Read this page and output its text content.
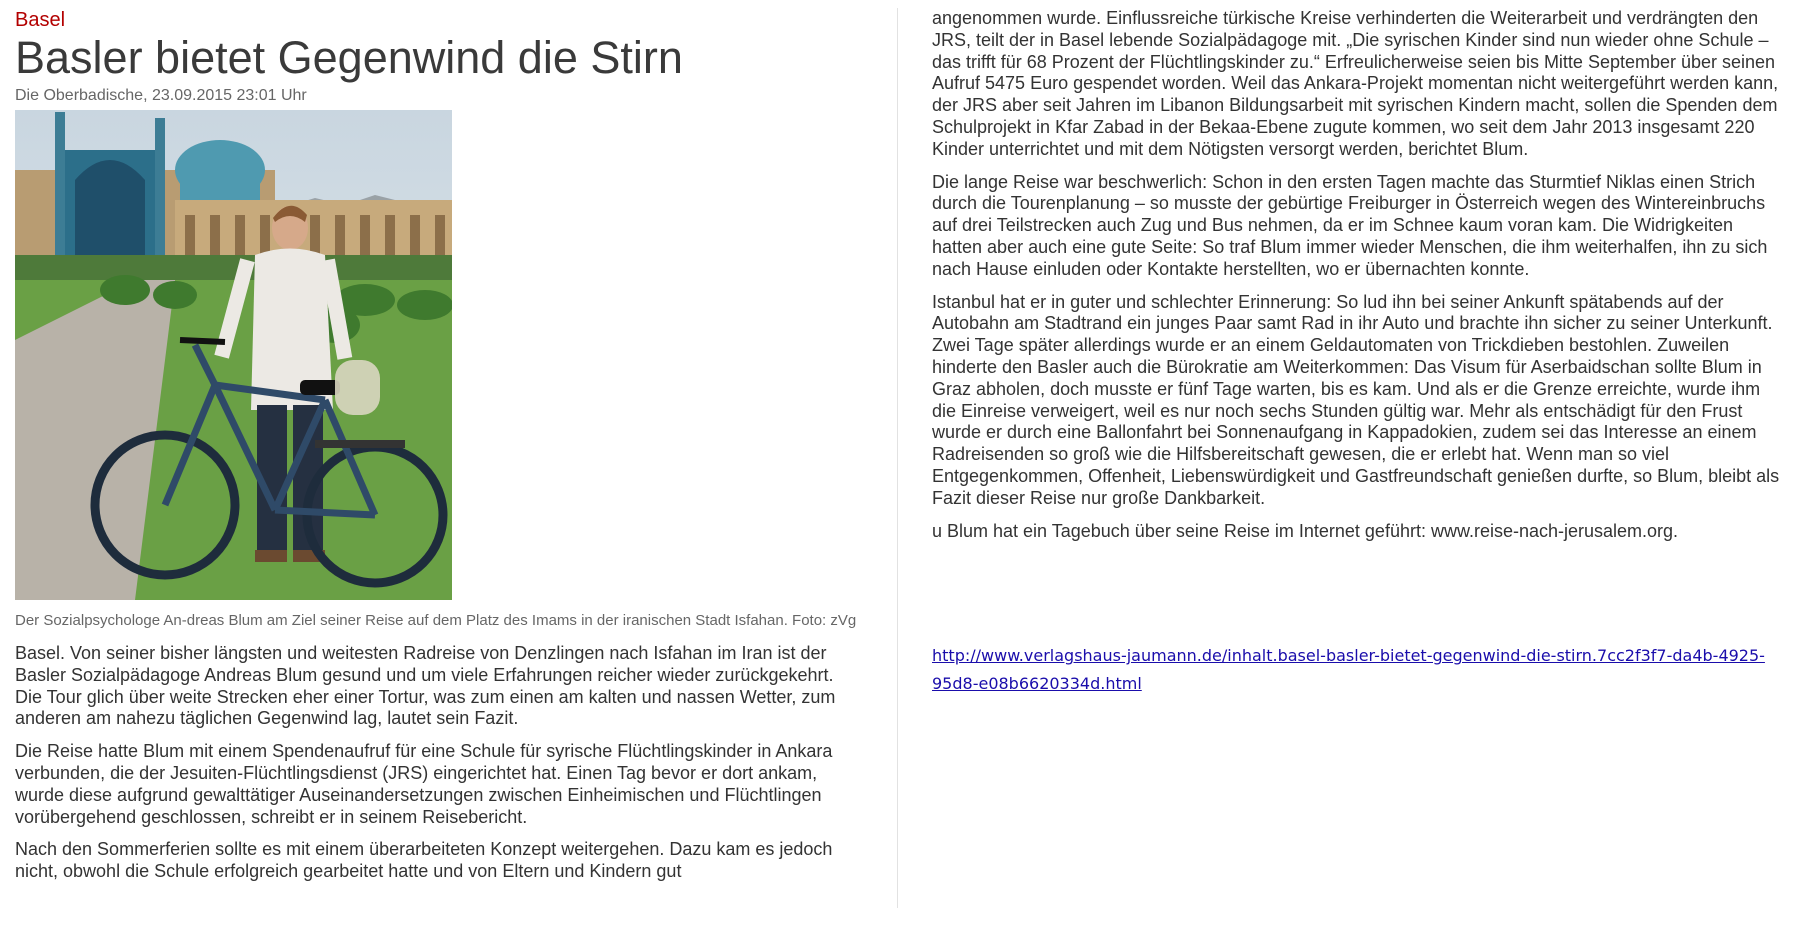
Basel
Basler bietet Gegenwind die Stirn
Die Oberbadische, 23.09.2015 23:01 Uhr
Der Sozialpsychologe An-dreas Blum am Ziel seiner Reise auf dem Platz des Imams in der iranischen Stadt Isfahan. Foto: zVg

Basel. Von seiner bisher längsten und weitesten Radreise von Denzlingen nach Isfahan im Iran ist der Basler Sozialpädagoge Andreas Blum gesund und um viele Erfahrungen reicher wieder zurückgekehrt. Die Tour glich über weite Strecken eher einer Tortur, was zum einen am kalten und nassen Wetter, zum anderen am nahezu täglichen Gegenwind lag, lautet sein Fazit.

Die Reise hatte Blum mit einem Spendenaufruf für eine Schule für syrische Flüchtlingskinder in Ankara verbunden, die der Jesuiten-Flüchtlingsdienst (JRS) eingerichtet hat. Einen Tag bevor er dort ankam, wurde diese aufgrund gewalttätiger Auseinandersetzungen zwischen Einheimischen und Flüchtlingen vorübergehend geschlossen, schreibt er in seinem Reisebericht.

Nach den Sommerferien sollte es mit einem überarbeiteten Konzept weitergehen. Dazu kam es jedoch nicht, obwohl die Schule erfolgreich gearbeitet hatte und von Eltern und Kindern gut

angenommen wurde. Einflussreiche türkische Kreise verhinderten die Weiterarbeit und verdrängten den JRS, teilt der in Basel lebende Sozialpädagoge mit. „Die syrischen Kinder sind nun wieder ohne Schule – das trifft für 68 Prozent der Flüchtlingskinder zu.“ Erfreulicherweise seien bis Mitte September über seinen Aufruf 5475 Euro gespendet worden. Weil das Ankara-Projekt momentan nicht weitergeführt werden kann, der JRS aber seit Jahren im Libanon Bildungsarbeit mit syrischen Kindern macht, sollen die Spenden dem Schulprojekt in Kfar Zabad in der Bekaa-Ebene zugute kommen, wo seit dem Jahr 2013 insgesamt 220 Kinder unterrichtet und mit dem Nötigsten versorgt werden, berichtet Blum.

Die lange Reise war beschwerlich: Schon in den ersten Tagen machte das Sturmtief Niklas einen Strich durch die Tourenplanung – so musste der gebürtige Freiburger in Österreich wegen des Wintereinbruchs auf drei Teilstrecken auch Zug und Bus nehmen, da er im Schnee kaum voran kam. Die Widrigkeiten hatten aber auch eine gute Seite: So traf Blum immer wieder Menschen, die ihm weiterhalfen, ihn zu sich nach Hause einluden oder Kontakte herstellten, wo er übernachten konnte.

Istanbul hat er in guter und schlechter Erinnerung: So lud ihn bei seiner Ankunft spätabends auf der Autobahn am Stadtrand ein junges Paar samt Rad in ihr Auto und brachte ihn sicher zu seiner Unterkunft. Zwei Tage später allerdings wurde er an einem Geldautomaten von Trickdieben bestohlen. Zuweilen hinderte den Basler auch die Bürokratie am Weiterkommen: Das Visum für Aserbaidschan sollte Blum in Graz abholen, doch musste er fünf Tage warten, bis es kam. Und als er die Grenze erreichte, wurde ihm die Einreise verweigert, weil es nur noch sechs Stunden gültig war. Mehr als entschädigt für den Frust wurde er durch eine Ballonfahrt bei Sonnenaufgang in Kappadokien, zudem sei das Interesse an einem Radreisenden so groß wie die Hilfsbereitschaft gewesen, die er erlebt hat. Wenn man so viel Entgegenkommen, Offenheit, Liebenswürdigkeit und Gastfreundschaft genießen durfte, so Blum, bleibt als Fazit dieser Reise nur große Dankbarkeit.

u Blum hat ein Tagebuch über seine Reise im Internet geführt: www.reise-nach-jerusalem.org.

http://www.verlagshaus-jaumann.de/inhalt.basel-basler-bietet-gegenwind-die-stirn.7cc2f3f7-da4b-4925-95d8-e08b6620334d.html
